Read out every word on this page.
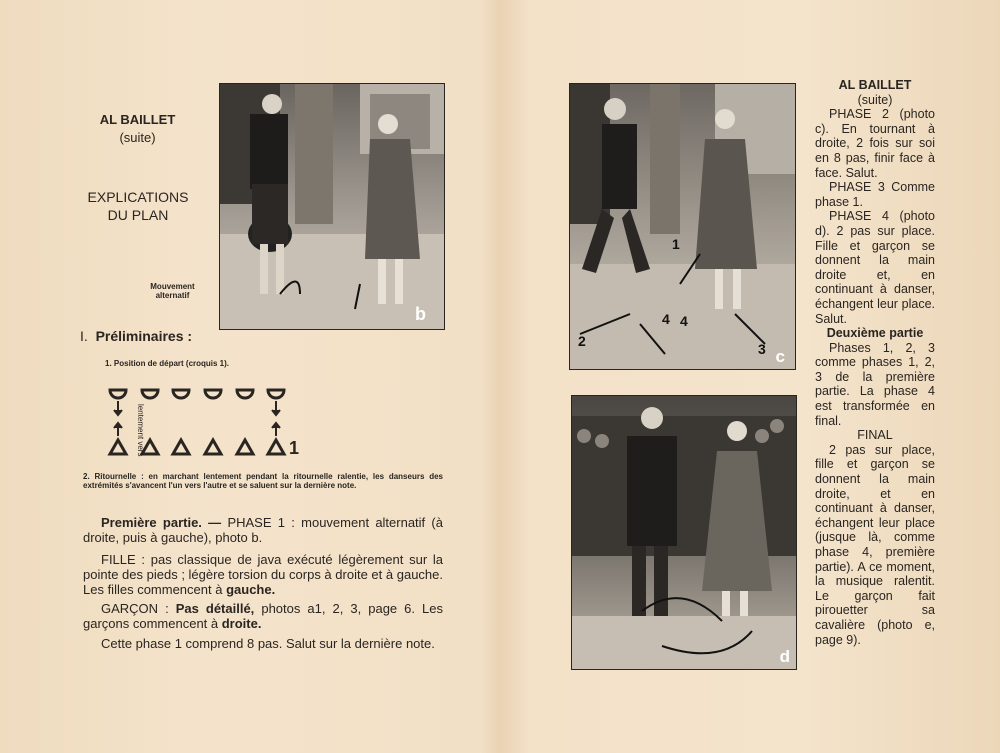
AL BAILLET
(suite)
EXPLICATIONS
DU PLAN
Mouvement
alternatif
b
I. Préliminaires :
1. Position de départ (croquis 1).
lentement vers le centre	1
2. Ritournelle : en marchant lentement pendant la ritournelle ralentie, les danseurs des extrémités s'avancent l'un vers l'autre et se saluent sur la dernière note.

Première partie. — PHASE 1 : mouvement alternatif (à droite, puis à gauche), photo b.

FILLE : pas classique de java exécuté légèrement sur la pointe des pieds ; légère torsion du corps à droite et à gauche. Les filles commencent à gauche.

GARÇON : Pas détaillé, photos a1, 2, 3, page 6. Les garçons commencent à droite.

Cette phase 1 comprend 8 pas. Salut sur la dernière note.

2
4 4
3
1
c
d

AL BAILLET

(suite)

PHASE 2 (photo c). En tournant à droite, 2 fois sur soi en 8 pas, finir face à face. Salut.

PHASE 3 Comme phase 1.

PHASE 4 (photo d). 2 pas sur place. Fille et garçon se donnent la main droite et, en continuant à danser, échangent leur place. Salut.

Deuxième partie

Phases 1, 2, 3 comme phases 1, 2, 3 de la première partie. La phase 4 est transformée en final.

FINAL

2 pas sur place, fille et garçon se donnent la main droite, et en continuant à danser, échangent leur place (jusque là, comme phase 4, première partie). A ce moment, la musique ralentit. Le garçon fait pirouetter sa cavalière (photo e, page 9).
